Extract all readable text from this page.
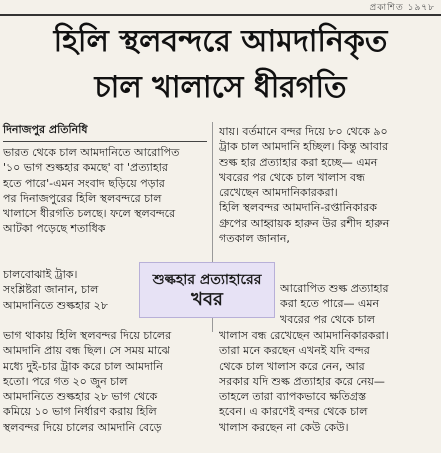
প্রকাশিত ১৯৭৮
হিলি স্থলবন্দরে আমদানিকৃত
চাল খালাসে ধীরগতি
দিনাজপুর প্রতিনিধি
ভারত থেকে চাল আমদানিতে আরোপিত
'১০ ভাগ শুল্কহার কমছে' বা 'প্রত্যাহার
হতে পারে'-এমন সংবাদ ছড়িয়ে পড়ার
পর দিনাজপুরের হিলি স্থলবন্দরে চাল
খালাসে ধীরগতি চলছে। ফলে স্থলবন্দরে
আটকা পড়েছে শতাধিক
যায়। বর্তমানে বন্দর দিয়ে ৮০ থেকে ৯০
ট্রাক চাল আমদানি হচ্ছিল। কিন্তু আবার
শুল্ক হার প্রত্যাহার করা হচ্ছে— এমন
খবরের পর থেকে চাল খালাস বন্ধ
রেখেছেন আমদানিকারকরা।
হিলি স্থলবন্দর আমদানি-রপ্তানিকারক
গ্রুপের আহ্বায়ক হারুন উর রশীদ হারুন
গতকাল জানান,
চালবোঝাই ট্রাক।
সংশ্লিষ্টরা জানান, চাল
আমদানিতে শুল্কহার ২৮
আরোপিত শুল্ক প্রত্যাহার
করা হতে পারে— এমন
খবরের পর থেকে চাল
ভাগ থাকায় হিলি স্থলবন্দর দিয়ে চালের	খালাস বন্ধ রেখেছেন আমদানিকারকরা।
আমদানি প্রায় বন্ধ ছিল। সে সময় মাঝে	তারা মনে করছেন এখনই যদি বন্দর
মধ্যে দুই-চার ট্রাক করে চাল আমদানি	থেকে চাল খালাস করে নেন, আর
হতো। পরে গত ২০ জুন চাল	সরকার যদি শুল্ক প্রত্যাহার করে নেয়—
আমদানিতে শুল্কহার ২৮ ভাগ থেকে	তাহলে তারা ব্যাপকভাবে ক্ষতিগ্রস্ত
কমিয়ে ১০ ভাগ নির্ধারণ করায় হিলি	হবেন। এ কারণেই বন্দর থেকে চাল
স্থলবন্দর দিয়ে চালের আমদানি বেড়ে	খালাস করছেন না কেউ কেউ।
শুল্কহার প্রত্যাহারের
খবর
